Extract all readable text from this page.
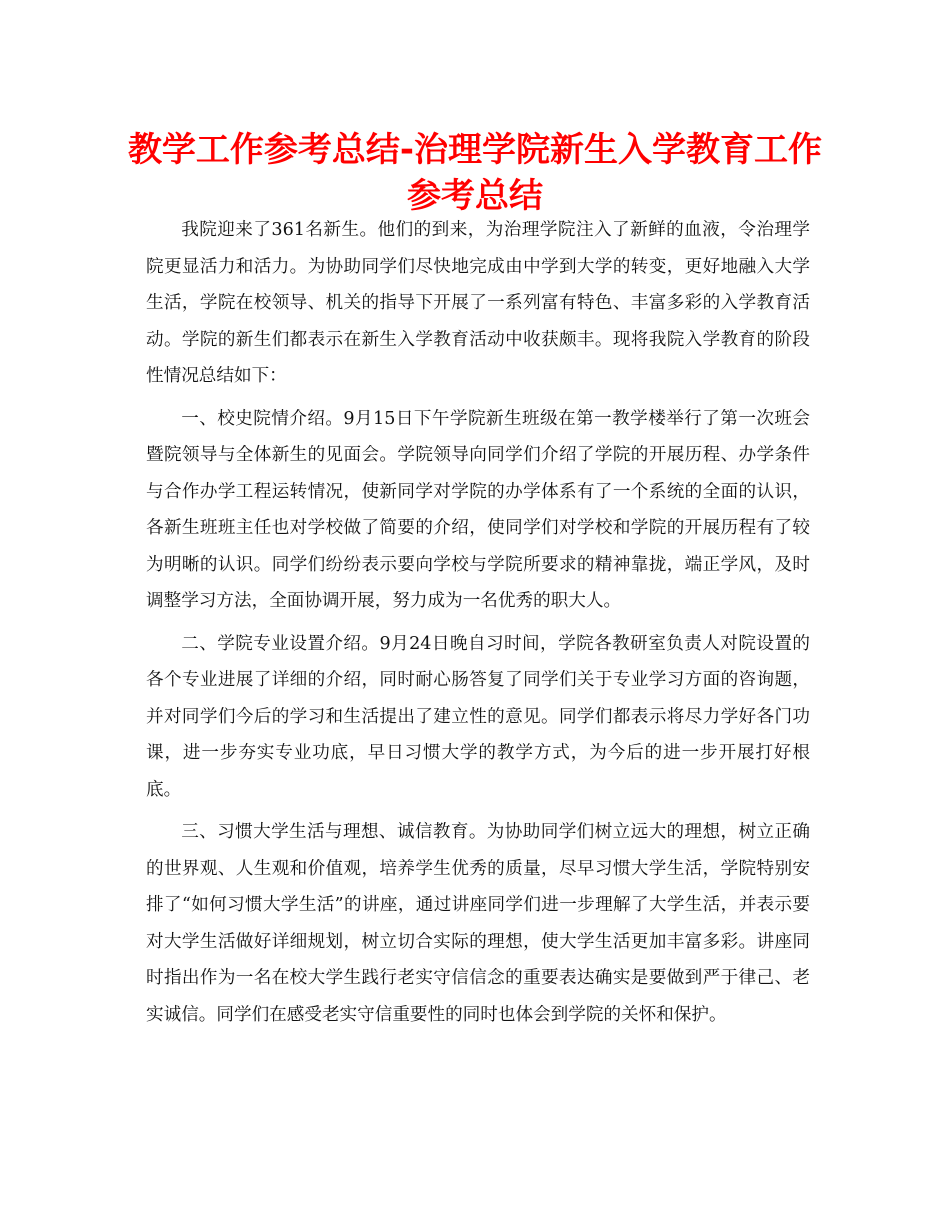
教学工作参考总结-治理学院新生入学教育工作
参考总结

我院迎来了361名新生。他们的到来，为治理学院注入了新鲜的血液，令治理学院更显活力和活力。为协助同学们尽快地完成由中学到大学的转变，更好地融入大学生活，学院在校领导、机关的指导下开展了一系列富有特色、丰富多彩的入学教育活动。学院的新生们都表示在新生入学教育活动中收获颇丰。现将我院入学教育的阶段性情况总结如下：

一、校史院情介绍。9月15日下午学院新生班级在第一教学楼举行了第一次班会暨院领导与全体新生的见面会。学院领导向同学们介绍了学院的开展历程、办学条件与合作办学工程运转情况，使新同学对学院的办学体系有了一个系统的全面的认识，各新生班班主任也对学校做了简要的介绍，使同学们对学校和学院的开展历程有了较为明晰的认识。同学们纷纷表示要向学校与学院所要求的精神靠拢，端正学风，及时调整学习方法，全面协调开展，努力成为一名优秀的职大人。

二、学院专业设置介绍。9月24日晚自习时间，学院各教研室负责人对院设置的各个专业进展了详细的介绍，同时耐心肠答复了同学们关于专业学习方面的咨询题，并对同学们今后的学习和生活提出了建立性的意见。同学们都表示将尽力学好各门功课，进一步夯实专业功底，早日习惯大学的教学方式，为今后的进一步开展打好根底。

三、习惯大学生活与理想、诚信教育。为协助同学们树立远大的理想，树立正确的世界观、人生观和价值观，培养学生优秀的质量，尽早习惯大学生活，学院特别安排了“如何习惯大学生活”的讲座，通过讲座同学们进一步理解了大学生活，并表示要对大学生活做好详细规划，树立切合实际的理想，使大学生活更加丰富多彩。讲座同时指出作为一名在校大学生践行老实守信信念的重要表达确实是要做到严于律己、老实诚信。同学们在感受老实守信重要性的同时也体会到学院的关怀和保护。
